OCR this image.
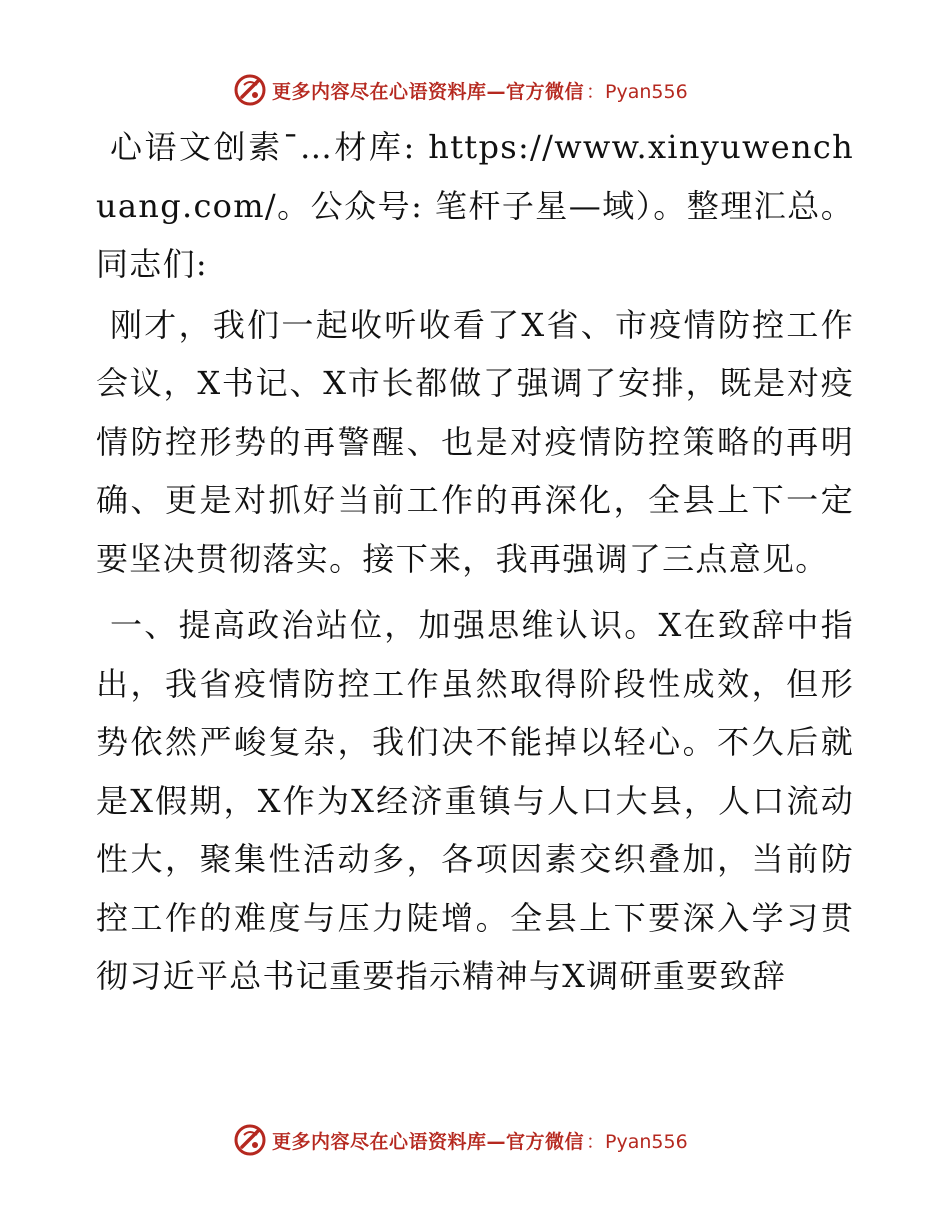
更多内容尽在心语资料库—官方微信 ：Pyan556

心语文创素¯…材库: https://www.xinyuwenchuang.com/。公众号: 笔杆子星—域）。整理汇总。同志们:

刚才，我们一起收听收看了X省、市疫情防控工作会议，X书记、X市长都做了强调了安排，既是对疫情防控形势的再警醒、也是对疫情防控策略的再明确、更是对抓好当前工作的再深化，全县上下一定要坚决贯彻落实。接下来，我再强调了三点意见。

一、提高政治站位，加强思维认识。X在致辞中指出，我省疫情防控工作虽然取得阶段性成效，但形势依然严峻复杂，我们决不能掉以轻心。不久后就是X假期，X作为X经济重镇与人口大县，人口流动性大，聚集性活动多，各项因素交织叠加，当前防控工作的难度与压力陡增。全县上下要深入学习贯彻习近平总书记重要指示精神与X调研重要致辞

更多内容尽在心语资料库—官方微信 ：Pyan556
